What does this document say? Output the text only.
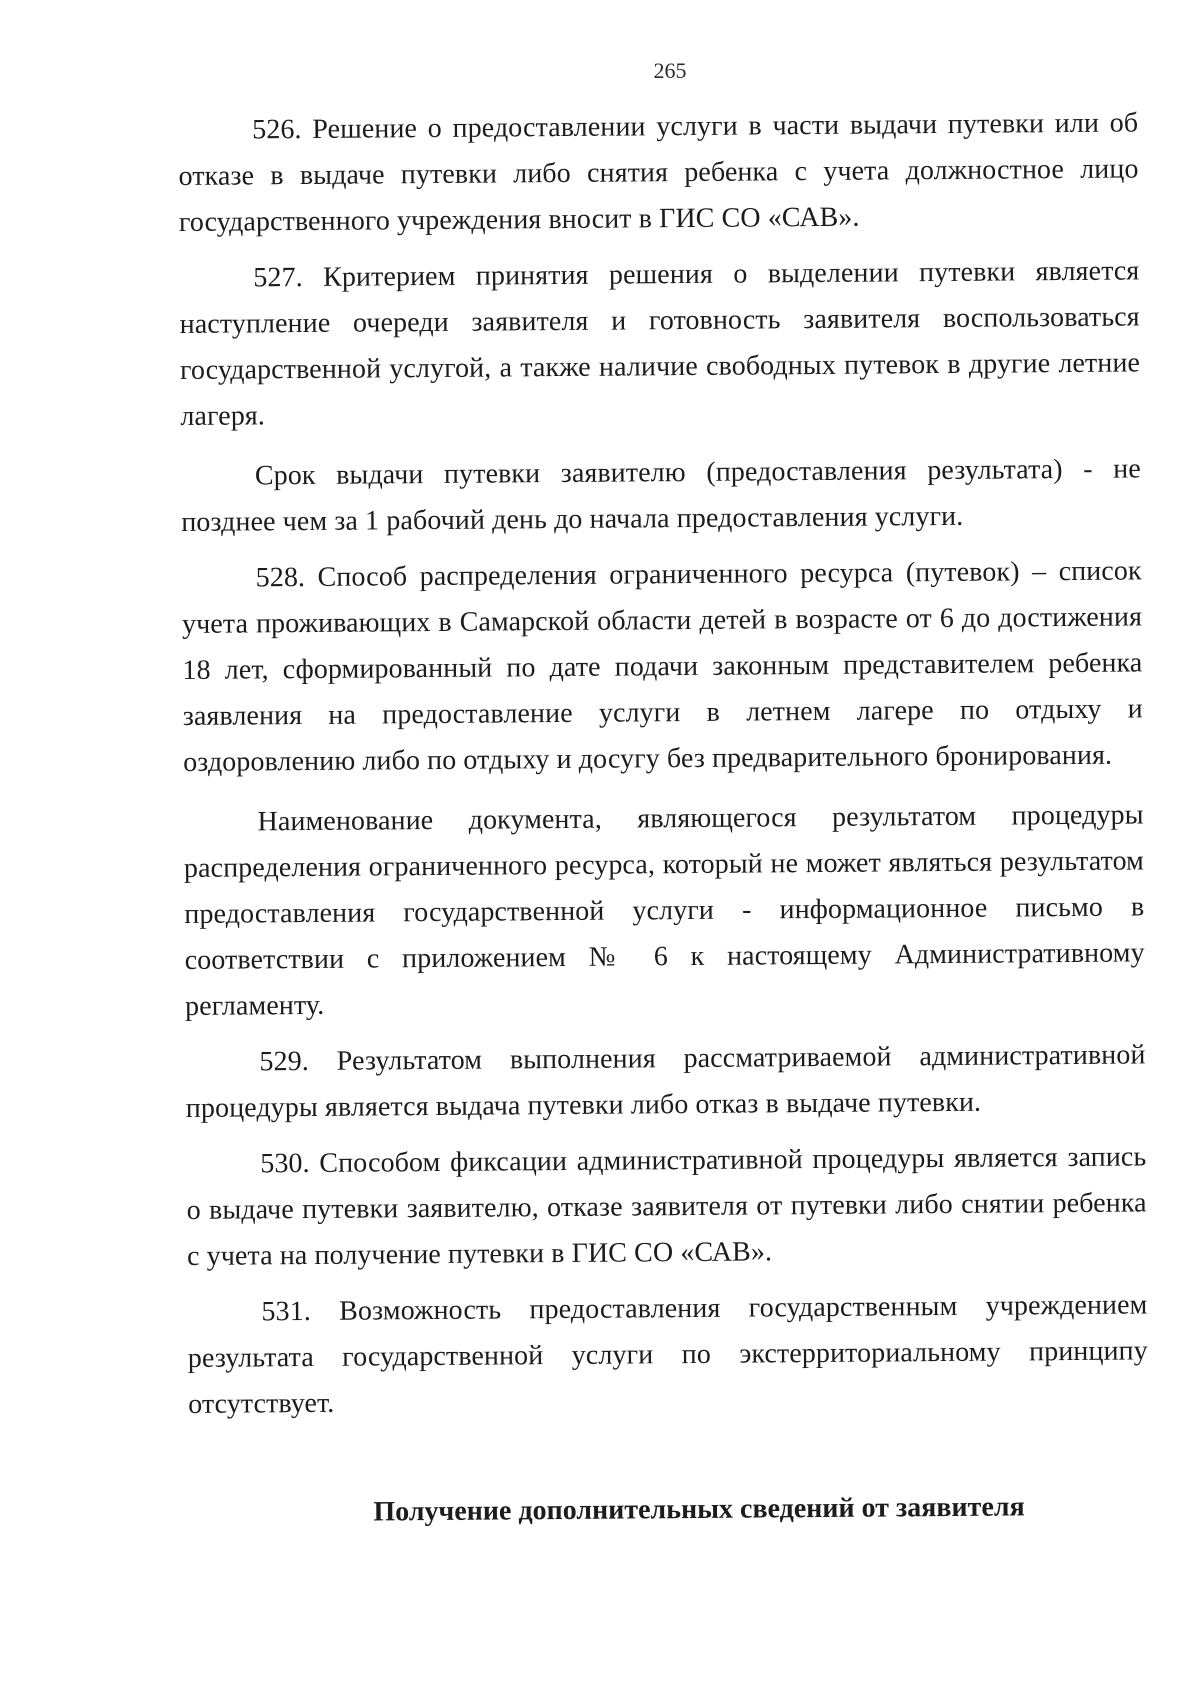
265

526. Решение о предоставлении услуги в части выдачи путевки или об отказе в выдаче путевки либо снятия ребенка с учета должностное лицо государственного учреждения вносит в ГИС СО «САВ».

527. Критерием принятия решения о выделении путевки является наступление очереди заявителя и готовность заявителя воспользоваться государственной услугой, а также наличие свободных путевок в другие летние лагеря.

Срок выдачи путевки заявителю (предоставления результата) - не позднее чем за 1 рабочий день до начала предоставления услуги.

528. Способ распределения ограниченного ресурса (путевок) – список учета проживающих в Самарской области детей в возрасте от 6 до достижения 18 лет, сформированный по дате подачи законным представителем ребенка заявления на предоставление услуги в летнем лагере по отдыху и оздоровлению либо по отдыху и досугу без предварительного бронирования.

Наименование документа, являющегося результатом процедуры распределения ограниченного ресурса, который не может являться результатом предоставления государственной услуги - информационное письмо в соответствии с приложением № 6 к настоящему Административному регламенту.

529. Результатом выполнения рассматриваемой административной процедуры является выдача путевки либо отказ в выдаче путевки.

530. Способом фиксации административной процедуры является запись о выдаче путевки заявителю, отказе заявителя от путевки либо снятии ребенка с учета на получение путевки в ГИС СО «САВ».

531. Возможность предоставления государственным учреждением результата государственной услуги по экстерриториальному принципу отсутствует.

Получение дополнительных сведений от заявителя
